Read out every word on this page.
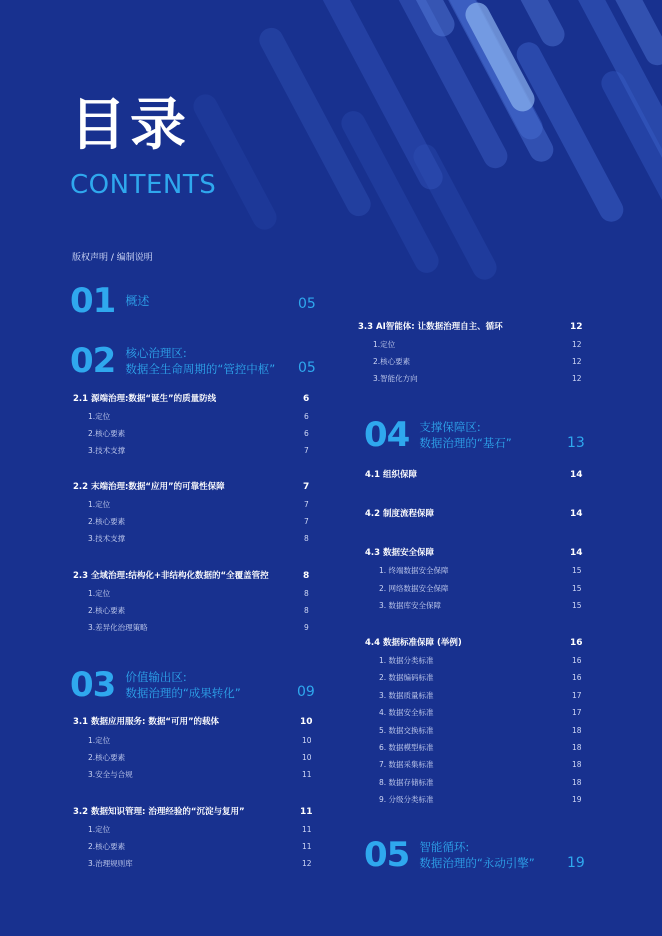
目录
CONTENTS
版权声明 / 编制说明
01 概述	05
02 核心治理区:
数据全生命周期的“管控中枢” 05
2.1 源端治理:数据“诞生”的质量防线	6
1.定位	6
2.核心要素	6
3.技术支撑	7
2.2 末端治理:数据“应用”的可靠性保障	7
1.定位	7
2.核心要素	7
3.技术支撑	8
2.3 全域治理:结构化+非结构化数据的“全覆盖管控	8
1.定位	8
2.核心要素	8
3.差异化治理策略	9
03 价值输出区:
数据治理的“成果转化”	09
3.1 数据应用服务: 数据“可用”的载体	10
1.定位	10
2.核心要素	10
3.安全与合规	11
3.2 数据知识管理: 治理经验的“沉淀与复用”	11
1.定位	11
2.核心要素	11
3.治理规则库	12
3.3 AI智能体: 让数据治理自主、循环	12
1.定位	12
2.核心要素	12
3.智能化方向	12
04 支撑保障区:
数据治理的“基石”	13
4.1 组织保障	14
4.2 制度流程保障	14
4.3 数据安全保障	14
1. 终端数据安全保障	15
2. 网络数据安全保障	15
3. 数据库安全保障	15
4.4 数据标准保障 (举例)	16
1. 数据分类标准	16
2. 数据编码标准	16
3. 数据质量标准	17
4. 数据安全标准	17
5. 数据交换标准	18
6. 数据模型标准	18
7. 数据采集标准	18
8. 数据存储标准	18
9. 分级分类标准	19
05 智能循环:
数据治理的“永动引擎” 19
